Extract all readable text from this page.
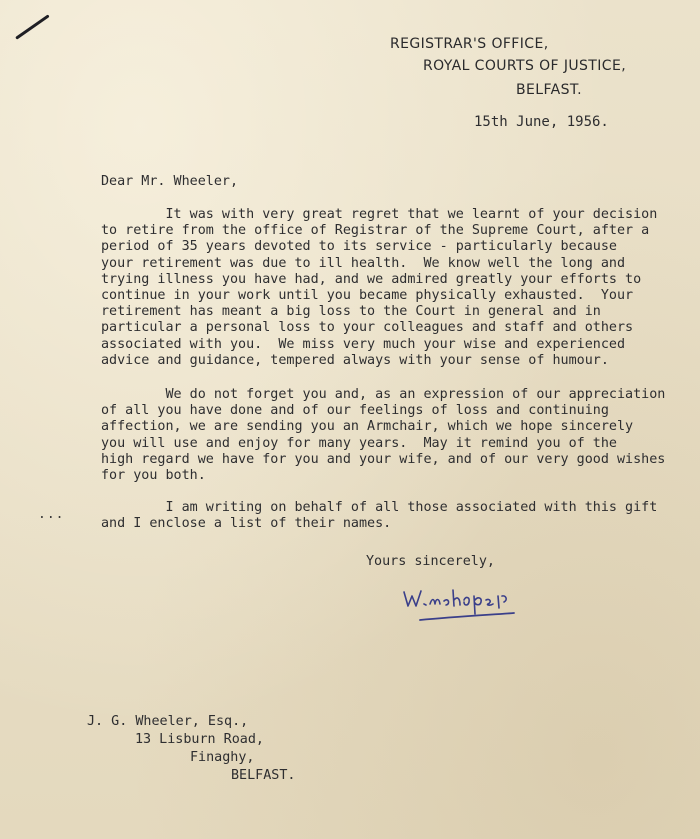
REGISTRAR'S OFFICE,
ROYAL COURTS OF JUSTICE,
BELFAST.
15th June, 1956.
Dear Mr. Wheeler,
It was with very great regret that we learnt of your decision
to retire from the office of Registrar of the Supreme Court, after a
period of 35 years devoted to its service - particularly because
your retirement was due to ill health.  We know well the long and
trying illness you have had, and we admired greatly your efforts to
continue in your work until you became physically exhausted.  Your
retirement has meant a big loss to the Court in general and in
particular a personal loss to your colleagues and staff and others
associated with you.  We miss very much your wise and experienced
advice and guidance, tempered always with your sense of humour.
We do not forget you and, as an expression of our appreciation
of all you have done and of our feelings of loss and continuing
affection, we are sending you an Armchair, which we hope sincerely
you will use and enjoy for many years.  May it remind you of the
high regard we have for you and your wife, and of our very good wishes
for you both.
I am writing on behalf of all those associated with this gift
and I enclose a list of their names.
...
Yours sincerely,
J. G. Wheeler, Esq.,
13 Lisburn Road,
Finaghy,
BELFAST.
